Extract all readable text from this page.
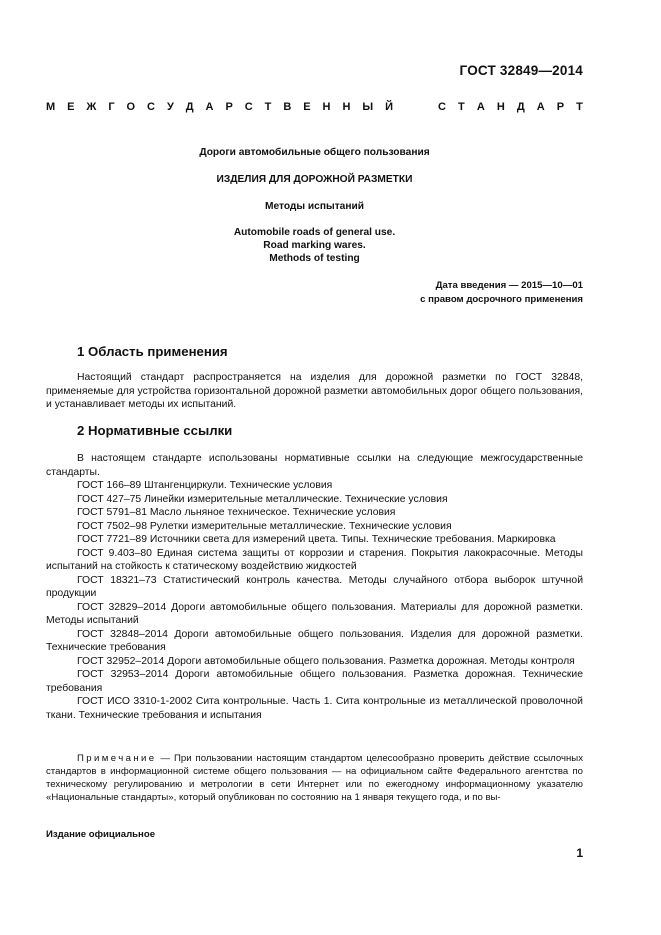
ГОСТ 32849—2014
М Е Ж Г О С У Д А Р С Т В Е Н Н Ы Й	С Т А Н Д А Р Т
Дороги автомобильные общего пользования
ИЗДЕЛИЯ ДЛЯ ДОРОЖНОЙ РАЗМЕТКИ
Методы испытаний
Automobile roads of general use.
Road marking wares.
Methods of testing
Дата введения — 2015—10—01
с правом досрочного применения
1 Область применения
Настоящий стандарт распространяется на изделия для дорожной разметки по ГОСТ 32848, применяемые для устройства горизонтальной дорожной разметки автомобильных дорог общего пользования, и устанавливает методы их испытаний.
2 Нормативные ссылки

В настоящем стандарте использованы нормативные ссылки на следующие межгосударственные стандарты.

ГОСТ 166–89 Штангенциркули. Технические условия

ГОСТ 427–75 Линейки измерительные металлические. Технические условия

ГОСТ 5791–81 Масло льняное техническое. Технические условия

ГОСТ 7502–98 Рулетки измерительные металлические. Технические условия

ГОСТ 7721–89 Источники света для измерений цвета. Типы. Технические требования. Маркировка

ГОСТ 9.403–80 Единая система защиты от коррозии и старения. Покрытия лакокрасочные. Методы испытаний на стойкость к статическому воздействию жидкостей

ГОСТ 18321–73 Статистический контроль качества. Методы случайного отбора выборок штучной продукции

ГОСТ 32829–2014 Дороги автомобильные общего пользования. Материалы для дорожной разметки. Методы испытаний

ГОСТ 32848–2014 Дороги автомобильные общего пользования. Изделия для дорожной разметки. Технические требования

ГОСТ 32952–2014 Дороги автомобильные общего пользования. Разметка дорожная. Методы контроля

ГОСТ 32953–2014 Дороги автомобильные общего пользования. Разметка дорожная. Технические требования

ГОСТ ИСО 3310-1-2002 Сита контрольные. Часть 1. Сита контрольные из металлической проволочной ткани. Технические требования и испытания

Примечание — При пользовании настоящим стандартом целесообразно проверить действие ссылочных стандартов в информационной системе общего пользования — на официальном сайте Федерального агентства по техническому регулированию и метрологии в сети Интернет или по ежегодному информационному указателю «Национальные стандарты», который опубликован по состоянию на 1 января текущего года, и по вы-
Издание официальное
1
